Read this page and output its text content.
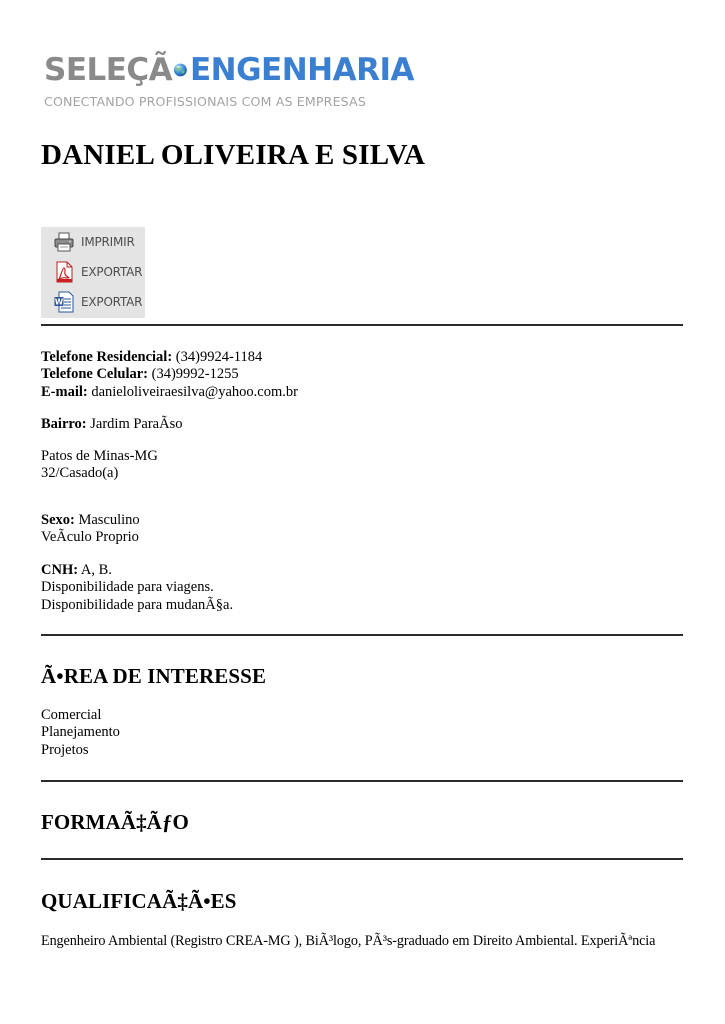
SELEÇÃ ENGENHARIA
CONECTANDO PROFISSIONAIS COM AS EMPRESAS
DANIEL OLIVEIRA E SILVA
IMPRIMIR
EXPORTAR
W EXPORTAR
Telefone Residencial: (34)9924-1184
Telefone Celular: (34)9992-1255
E-mail: danieloliveiraesilva@yahoo.com.br
Bairro: Jardim ParaÃso
Patos de Minas-MG
32/Casado(a)
Sexo: Masculino
VeÃculo Proprio
CNH: A, B.
Disponibilidade para viagens.
Disponibilidade para mudanÃ§a.
Ã•REA DE INTERESSE
Comercial
Planejamento
Projetos
FORMAÃ‡ÃƒO
QUALIFICAÃ‡Ã•ES
Engenheiro Ambiental (Registro CREA-MG ), BiÃ³logo, PÃ³s-graduado em Direito Ambiental. ExperiÃªncia
